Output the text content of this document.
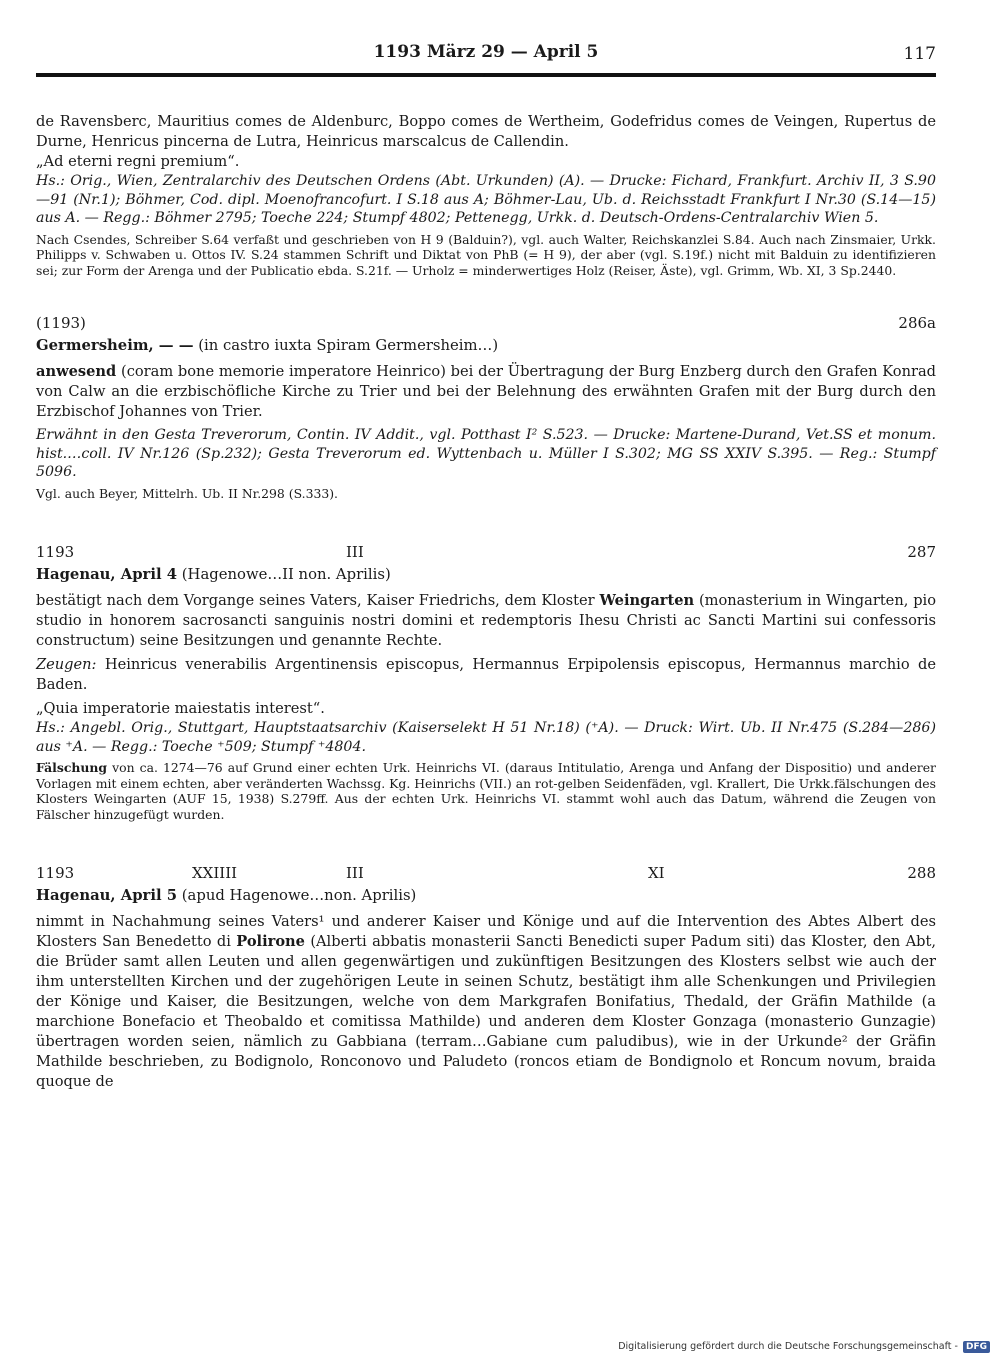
1193 März 29 — April 5	117

de Ravensberc, Mauritius comes de Aldenburc, Boppo comes de Wertheim, Godefridus comes de Veingen, Rupertus de Durne, Henricus pincerna de Lutra, Heinricus marscalcus de Callendin.

„Ad eterni regni premium“.

Hs.: Orig., Wien, Zentralarchiv des Deutschen Ordens (Abt. Urkunden) (A). — Drucke: Fichard, Frankfurt. Archiv II, 3 S.90—91 (Nr.1); Böhmer, Cod. dipl. Moenofrancofurt. I S.18 aus A; Böhmer-Lau, Ub. d. Reichsstadt Frankfurt I Nr.30 (S.14—15) aus A. — Regg.: Böhmer 2795; Toeche 224; Stumpf 4802; Pettenegg, Urkk. d. Deutsch-Ordens-Centralarchiv Wien 5.

Nach Csendes, Schreiber S.64 verfaßt und geschrieben von H 9 (Balduin?), vgl. auch Walter, Reichskanzlei S.84. Auch nach Zinsmaier, Urkk. Philipps v. Schwaben u. Ottos IV. S.24 stammen Schrift und Diktat von PhB (= H 9), der aber (vgl. S.19f.) nicht mit Balduin zu identifizieren sei; zur Form der Arenga und der Publicatio ebda. S.21f. — Urholz = minderwertiges Holz (Reiser, Äste), vgl. Grimm, Wb. XI, 3 Sp.2440.

(1193)	286a

Germersheim, — — (in castro iuxta Spiram Germersheim…)

anwesend (coram bone memorie imperatore Heinrico) bei der Übertragung der Burg Enzberg durch den Grafen Konrad von Calw an die erzbischöfliche Kirche zu Trier und bei der Belehnung des erwähnten Grafen mit der Burg durch den Erzbischof Johannes von Trier.

Erwähnt in den Gesta Treverorum, Contin. IV Addit., vgl. Potthast I² S.523. — Drucke: Martene-Durand, Vet.SS et monum. hist.…coll. IV Nr.126 (Sp.232); Gesta Treverorum ed. Wyttenbach u. Müller I S.302; MG SS XXIV S.395. — Reg.: Stumpf 5096.

Vgl. auch Beyer, Mittelrh. Ub. II Nr.298 (S.333).

1193	III	287

Hagenau, April 4 (Hagenowe…II non. Aprilis)

bestätigt nach dem Vorgange seines Vaters, Kaiser Friedrichs, dem Kloster Weingarten (monasterium in Wingarten, pio studio in honorem sacrosancti sanguinis nostri domini et redemptoris Ihesu Christi ac Sancti Martini sui confessoris constructum) seine Besitzungen und genannte Rechte.

Zeugen: Heinricus venerabilis Argentinensis episcopus, Hermannus Erpipolensis episcopus, Hermannus marchio de Baden.

„Quia imperatorie maiestatis interest“.

Hs.: Angebl. Orig., Stuttgart, Hauptstaatsarchiv (Kaiserselekt H 51 Nr.18) (⁺A). — Druck: Wirt. Ub. II Nr.475 (S.284—286) aus ⁺A. — Regg.: Toeche ⁺509; Stumpf ⁺4804.

Fälschung von ca. 1274—76 auf Grund einer echten Urk. Heinrichs VI. (daraus Intitulatio, Arenga und Anfang der Dispositio) und anderer Vorlagen mit einem echten, aber veränderten Wachssg. Kg. Heinrichs (VII.) an rot-gelben Seidenfäden, vgl. Krallert, Die Urkk.fälschungen des Klosters Weingarten (AUF 15, 1938) S.279ff. Aus der echten Urk. Heinrichs VI. stammt wohl auch das Datum, während die Zeugen von Fälscher hinzugefügt wurden.

1193	XXIIII	III	XI	288

Hagenau, April 5 (apud Hagenowe…non. Aprilis)

nimmt in Nachahmung seines Vaters¹ und anderer Kaiser und Könige und auf die Intervention des Abtes Albert des Klosters San Benedetto di Polirone (Alberti abbatis monasterii Sancti Benedicti super Padum siti) das Kloster, den Abt, die Brüder samt allen Leuten und allen gegenwärtigen und zukünftigen Besitzungen des Klosters selbst wie auch der ihm unterstellten Kirchen und der zugehörigen Leute in seinen Schutz, bestätigt ihm alle Schenkungen und Privilegien der Könige und Kaiser, die Besitzungen, welche von dem Markgrafen Bonifatius, Thedald, der Gräfin Mathilde (a marchione Bonefacio et Theobaldo et comitissa Mathilde) und anderen dem Kloster Gonzaga (monasterio Gunzagie) übertragen worden seien, nämlich zu Gabbiana (terram…Gabiane cum paludibus), wie in der Urkunde² der Gräfin Mathilde beschrieben, zu Bodignolo, Ronconovo und Paludeto (roncos etiam de Bondignolo et Roncum novum, braida quoque de

Digitalisierung gefördert durch die Deutsche Forschungsgemeinschaft - DFG
